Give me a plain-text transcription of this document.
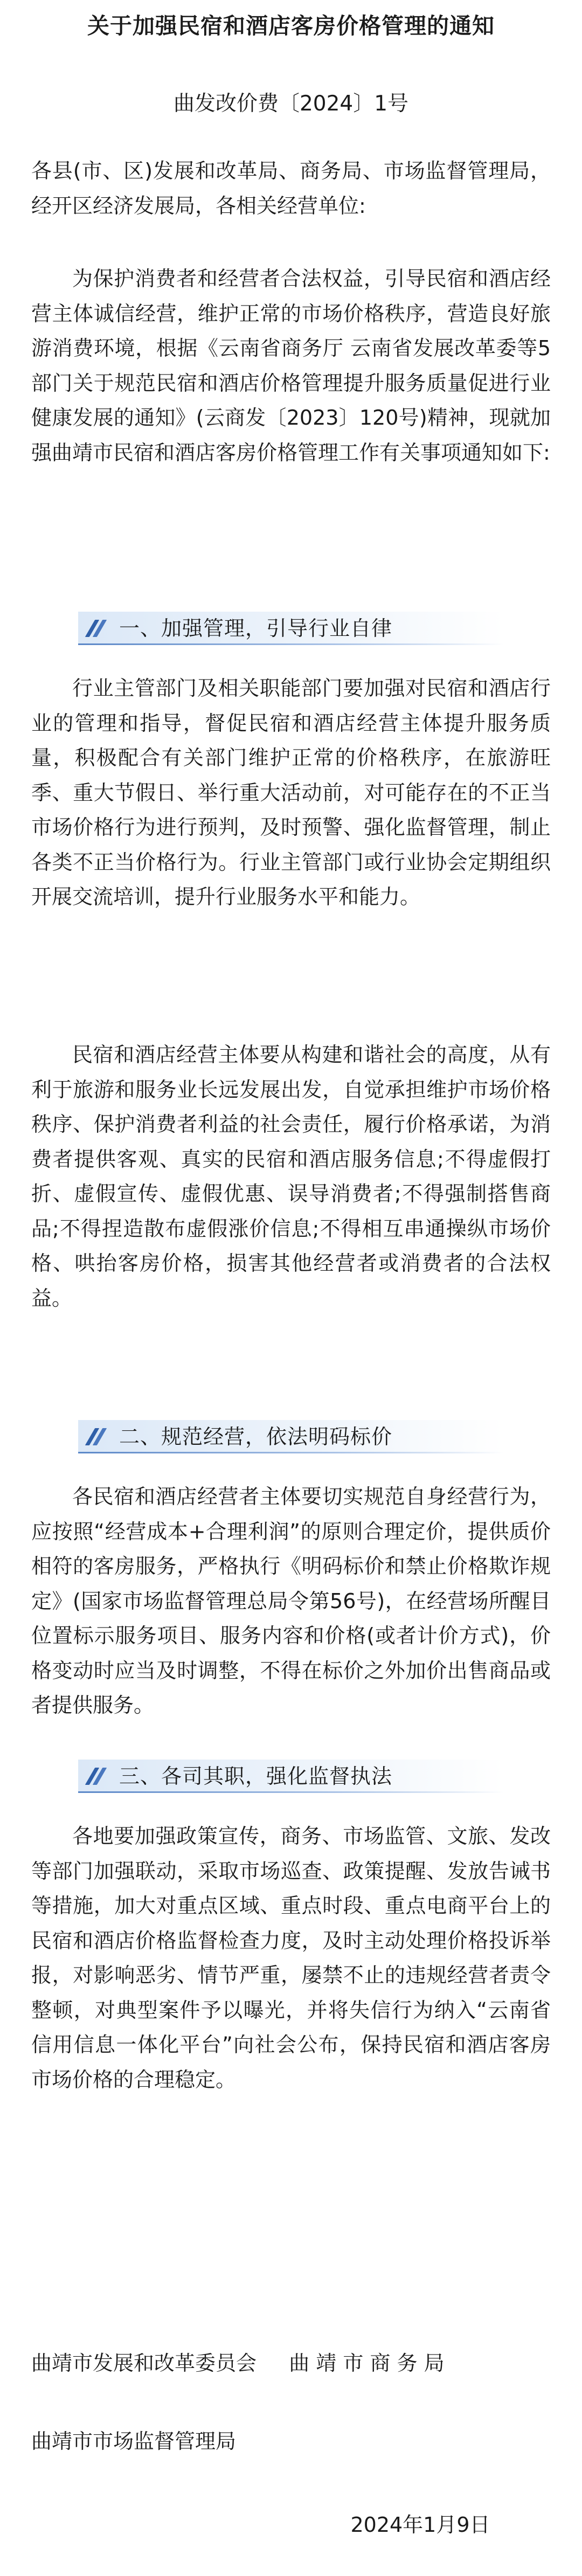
关于加强民宿和酒店客房价格管理的通知
曲发改价费〔2024〕1号

各县(市、区)发展和改革局、商务局、市场监督管理局，经开区经济发展局，各相关经营单位:

为保护消费者和经营者合法权益，引导民宿和酒店经营主体诚信经营，维护正常的市场价格秩序，营造良好旅游消费环境，根据《云南省商务厅 云南省发展改革委等5部门关于规范民宿和酒店价格管理提升服务质量促进行业健康发展的通知》(云商发〔2023〕120号)精神，现就加强曲靖市民宿和酒店客房价格管理工作有关事项通知如下:

一、加强管理，引导行业自律

行业主管部门及相关职能部门要加强对民宿和酒店行业的管理和指导，督促民宿和酒店经营主体提升服务质量，积极配合有关部门维护正常的价格秩序，在旅游旺季、重大节假日、举行重大活动前，对可能存在的不正当市场价格行为进行预判，及时预警、强化监督管理，制止各类不正当价格行为。行业主管部门或行业协会定期组织开展交流培训，提升行业服务水平和能力。

民宿和酒店经营主体要从构建和谐社会的高度，从有利于旅游和服务业长远发展出发，自觉承担维护市场价格秩序、保护消费者利益的社会责任，履行价格承诺，为消费者提供客观、真实的民宿和酒店服务信息;不得虚假打折、虚假宣传、虚假优惠、误导消费者;不得强制搭售商品;不得捏造散布虚假涨价信息;不得相互串通操纵市场价格、哄抬客房价格，损害其他经营者或消费者的合法权益。

二、规范经营，依法明码标价

各民宿和酒店经营者主体要切实规范自身经营行为，应按照“经营成本+合理利润”的原则合理定价，提供质价相符的客房服务，严格执行《明码标价和禁止价格欺诈规定》(国家市场监督管理总局令第56号)，在经营场所醒目位置标示服务项目、服务内容和价格(或者计价方式)，价格变动时应当及时调整，不得在标价之外加价出售商品或者提供服务。

三、各司其职，强化监督执法

各地要加强政策宣传，商务、市场监管、文旅、发改等部门加强联动，采取市场巡查、政策提醒、发放告诫书等措施，加大对重点区域、重点时段、重点电商平台上的民宿和酒店价格监督检查力度，及时主动处理价格投诉举报，对影响恶劣、情节严重，屡禁不止的违规经营者责令整顿，对典型案件予以曝光，并将失信行为纳入“云南省信用信息一体化平台”向社会公布，保持民宿和酒店客房市场价格的合理稳定。

曲靖市发展和改革委员会 曲 靖 市 商 务 局
曲靖市市场监督管理局
2024年1月9日
